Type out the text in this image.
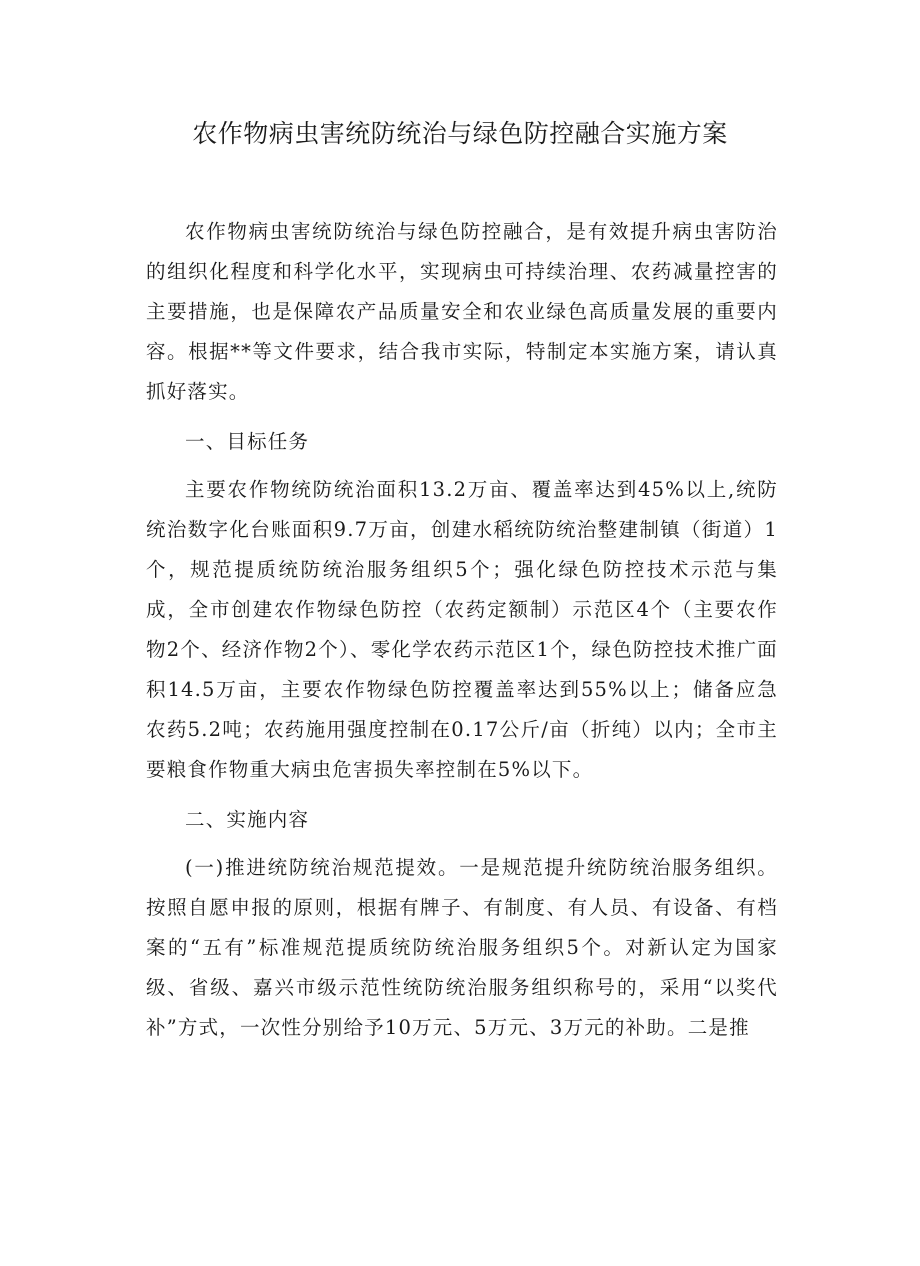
农作物病虫害统防统治与绿色防控融合实施方案

农作物病虫害统防统治与绿色防控融合，是有效提升病虫害防治的组织化程度和科学化水平，实现病虫可持续治理、农药减量控害的主要措施，也是保障农产品质量安全和农业绿色高质量发展的重要内容。根据**等文件要求，结合我市实际，特制定本实施方案，请认真抓好落实。

一、目标任务

主要农作物统防统治面积13.2万亩、覆盖率达到45%以上,统防统治数字化台账面积9.7万亩，创建水稻统防统治整建制镇（街道）1个，规范提质统防统治服务组织5个；强化绿色防控技术示范与集成，全市创建农作物绿色防控（农药定额制）示范区4个（主要农作物2个、经济作物2个）、零化学农药示范区1个，绿色防控技术推广面积14.5万亩，主要农作物绿色防控覆盖率达到55%以上；储备应急农药5.2吨；农药施用强度控制在0.17公斤/亩（折纯）以内；全市主要粮食作物重大病虫危害损失率控制在5%以下。

二、实施内容

(一)推进统防统治规范提效。一是规范提升统防统治服务组织。按照自愿申报的原则，根据有牌子、有制度、有人员、有设备、有档案的“五有”标准规范提质统防统治服务组织5个。对新认定为国家级、省级、嘉兴市级示范性统防统治服务组织称号的，采用“以奖代补”方式，一次性分别给予10万元、5万元、3万元的补助。二是推
